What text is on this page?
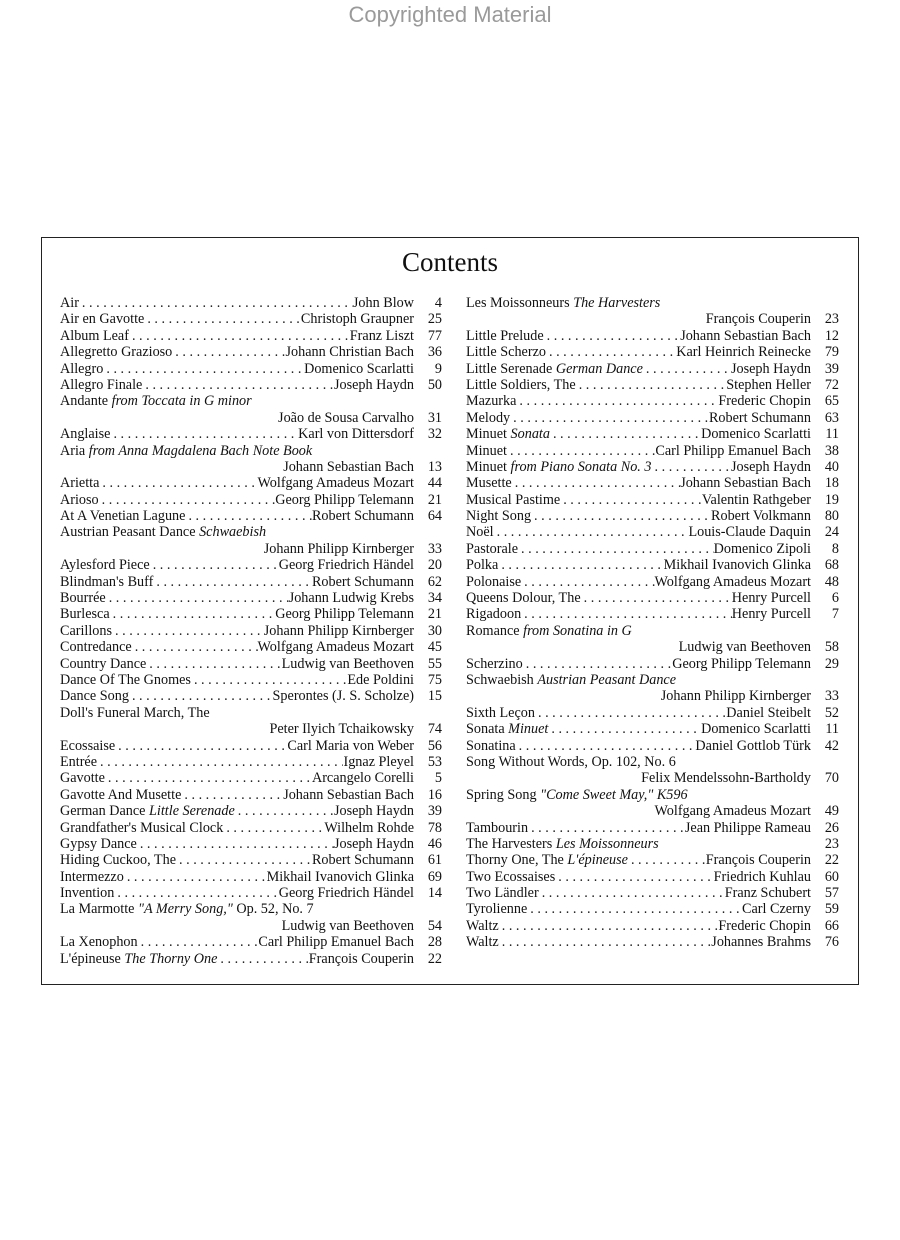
Copyrighted Material
Contents
Air . . .	John Blow	4
Air en Gavotte . . .	Christoph Graupner 25
Album Leaf . . .	Franz Liszt 77
Allegretto Grazioso . . .	Johann Christian Bach 36
Allegro . . .	Domenico Scarlatti	9
Allegro Finale . . .	Joseph Haydn 50
Andante from Toccata in G minor
João de Sousa Carvalho 31
Anglaise . . .	Karl von Dittersdorf 32
Aria from Anna Magdalena Bach Note Book
Johann Sebastian Bach 13
Arietta . . .	Wolfgang Amadeus Mozart 44
Arioso . . .	Georg Philipp Telemann 21
At A Venetian Lagune . . .	Robert Schumann 64
Austrian Peasant Dance Schwaebish
Johann Philipp Kirnberger 33
Aylesford Piece . . .	Georg Friedrich Händel 20
Blindman's Buff . . .	Robert Schumann 62
Bourrée . . .	Johann Ludwig Krebs 34
Burlesca . . .	Georg Philipp Telemann 21
Carillons . . .	Johann Philipp Kirnberger 30
Contredance . . .	Wolfgang Amadeus Mozart 45
Country Dance . . .	Ludwig van Beethoven 55
Dance Of The Gnomes . . .	Ede Poldini 75
Dance Song . . .	Sperontes (J. S. Scholze) 15
Doll's Funeral March, The
Peter Ilyich Tchaikowsky 74
Ecossaise . . .	Carl Maria von Weber 56
Entrée . . .	Ignaz Pleyel 53
Gavotte . . .	Arcangelo Corelli	5
Gavotte And Musette . . .	Johann Sebastian Bach 16
German Dance Little Serenade . . .	Joseph Haydn 39
Grandfather's Musical Clock . . .	Wilhelm Rohde 78
Gypsy Dance . . .	Joseph Haydn 46
Hiding Cuckoo, The . . .	Robert Schumann 61
Intermezzo . . .	Mikhail Ivanovich Glinka 69
Invention . . .	Georg Friedrich Händel 14
La Marmotte "A Merry Song," Op. 52, No. 7
Ludwig van Beethoven 54
La Xenophon . . .	Carl Philipp Emanuel Bach 28
L'épineuse The Thorny One . . .	François Couperin 22
Les Moissonneurs The Harvesters
François Couperin 23
Little Prelude . . .	Johann Sebastian Bach 12
Little Scherzo . . .	Karl Heinrich Reinecke 79
Little Serenade German Dance . . .	Joseph Haydn 39
Little Soldiers, The . . .	Stephen Heller 72
Mazurka . . .	Frederic Chopin 65
Melody . . .	Robert Schumann 63
Minuet Sonata . . .	Domenico Scarlatti	11
Minuet . . .	Carl Philipp Emanuel Bach 38
Minuet from Piano Sonata No. 3 . . .	Joseph Haydn 40
Musette . . .	Johann Sebastian Bach 18
Musical Pastime . . .	Valentin Rathgeber 19
Night Song . . .	Robert Volkmann 80
Noël . . .	Louis-Claude Daquin 24
Pastorale . . .	Domenico Zipoli	8
Polka . . .	Mikhail Ivanovich Glinka 68
Polonaise . . .	Wolfgang Amadeus Mozart 48
Queens Dolour, The . . .	Henry Purcell	6
Rigadoon . . .	Henry Purcell	7
Romance from Sonatina in G
Ludwig van Beethoven 58
Scherzino . . .	Georg Philipp Telemann 29
Schwaebish Austrian Peasant Dance
Johann Philipp Kirnberger 33
Sixth Leçon . . .	Daniel Steibelt 52
Sonata Minuet . . .	Domenico Scarlatti	11
Sonatina . . .	Daniel Gottlob Türk 42
Song Without Words, Op. 102, No. 6
Felix Mendelssohn-Bartholdy 70
Spring Song "Come Sweet May," K596
Wolfgang Amadeus Mozart 49
Tambourin . . .	Jean Philippe Rameau 26
The Harvesters Les Moissonneurs	23
Thorny One, The L'épineuse . . .	François Couperin 22
Two Ecossaises . . .	Friedrich Kuhlau 60
Two Ländler . . .	Franz Schubert 57
Tyrolienne . . .	Carl Czerny 59
Waltz . . .	Frederic Chopin 66
Waltz . . .	Johannes Brahms 76
